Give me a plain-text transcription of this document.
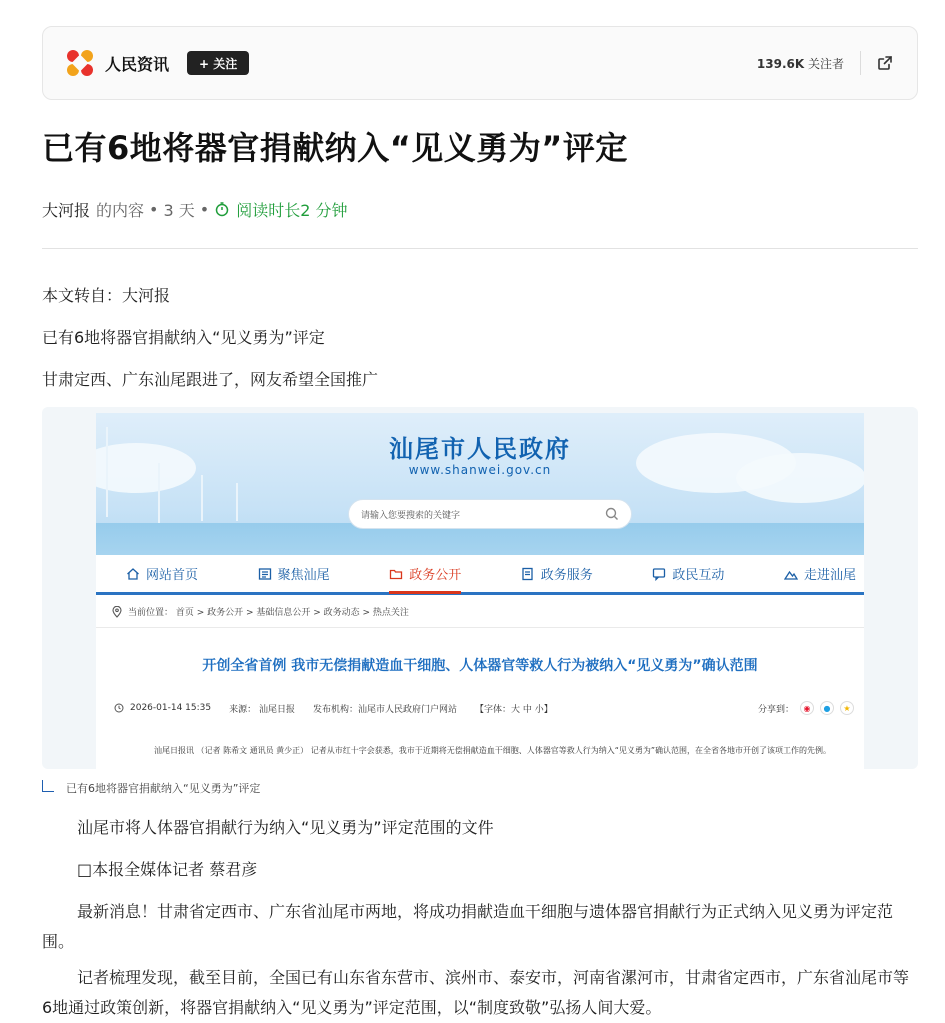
人民资讯	+ 关注	139.6K 关注者
已有6地将器官捐献纳入“见义勇为”评定
大河报 的内容 • 3 天 • 阅读时长2 分钟

本文转自：大河报

已有6地将器官捐献纳入“见义勇为”评定

甘肃定西、广东汕尾跟进了，网友希望全国推广

汕尾市人民政府
www.shanwei.gov.cn
请输入您要搜索的关键字
网站首页	聚焦汕尾	政务公开	政务服务	政民互动	走进汕尾
当前位置： 首页 > 政务公开 > 基础信息公开 > 政务动态 > 热点关注
开创全省首例 我市无偿捐献造血干细胞、人体器官等救人行为被纳入“见义勇为”确认范围
2026-01-14 15:35 来源： 汕尾日报 发布机构：汕尾市人民政府门户网站 【字体：大 中 小】	分享到：	◉	●	★
汕尾日报讯 （记者 陈希文 通讯员 黄少正） 记者从市红十字会获悉，我市于近期将无偿捐献造血干细胞、人体器官等救人行为纳入“见义勇为”确认范围，在全省各地市开创了该项工作的先例。
已有6地将器官捐献纳入“见义勇为”评定

汕尾市将人体器官捐献行为纳入“见义勇为”评定范围的文件

□本报全媒体记者 蔡君彦

最新消息！甘肃省定西市、广东省汕尾市两地，将成功捐献造血干细胞与遗体器官捐献行为正式纳入见义勇为评定范围。

记者梳理发现，截至目前，全国已有山东省东营市、滨州市、泰安市，河南省漯河市，甘肃省定西市，广东省汕尾市等6地通过政策创新，将器官捐献纳入“见义勇为”评定范围，以“制度致敬”弘扬人间大爱。
